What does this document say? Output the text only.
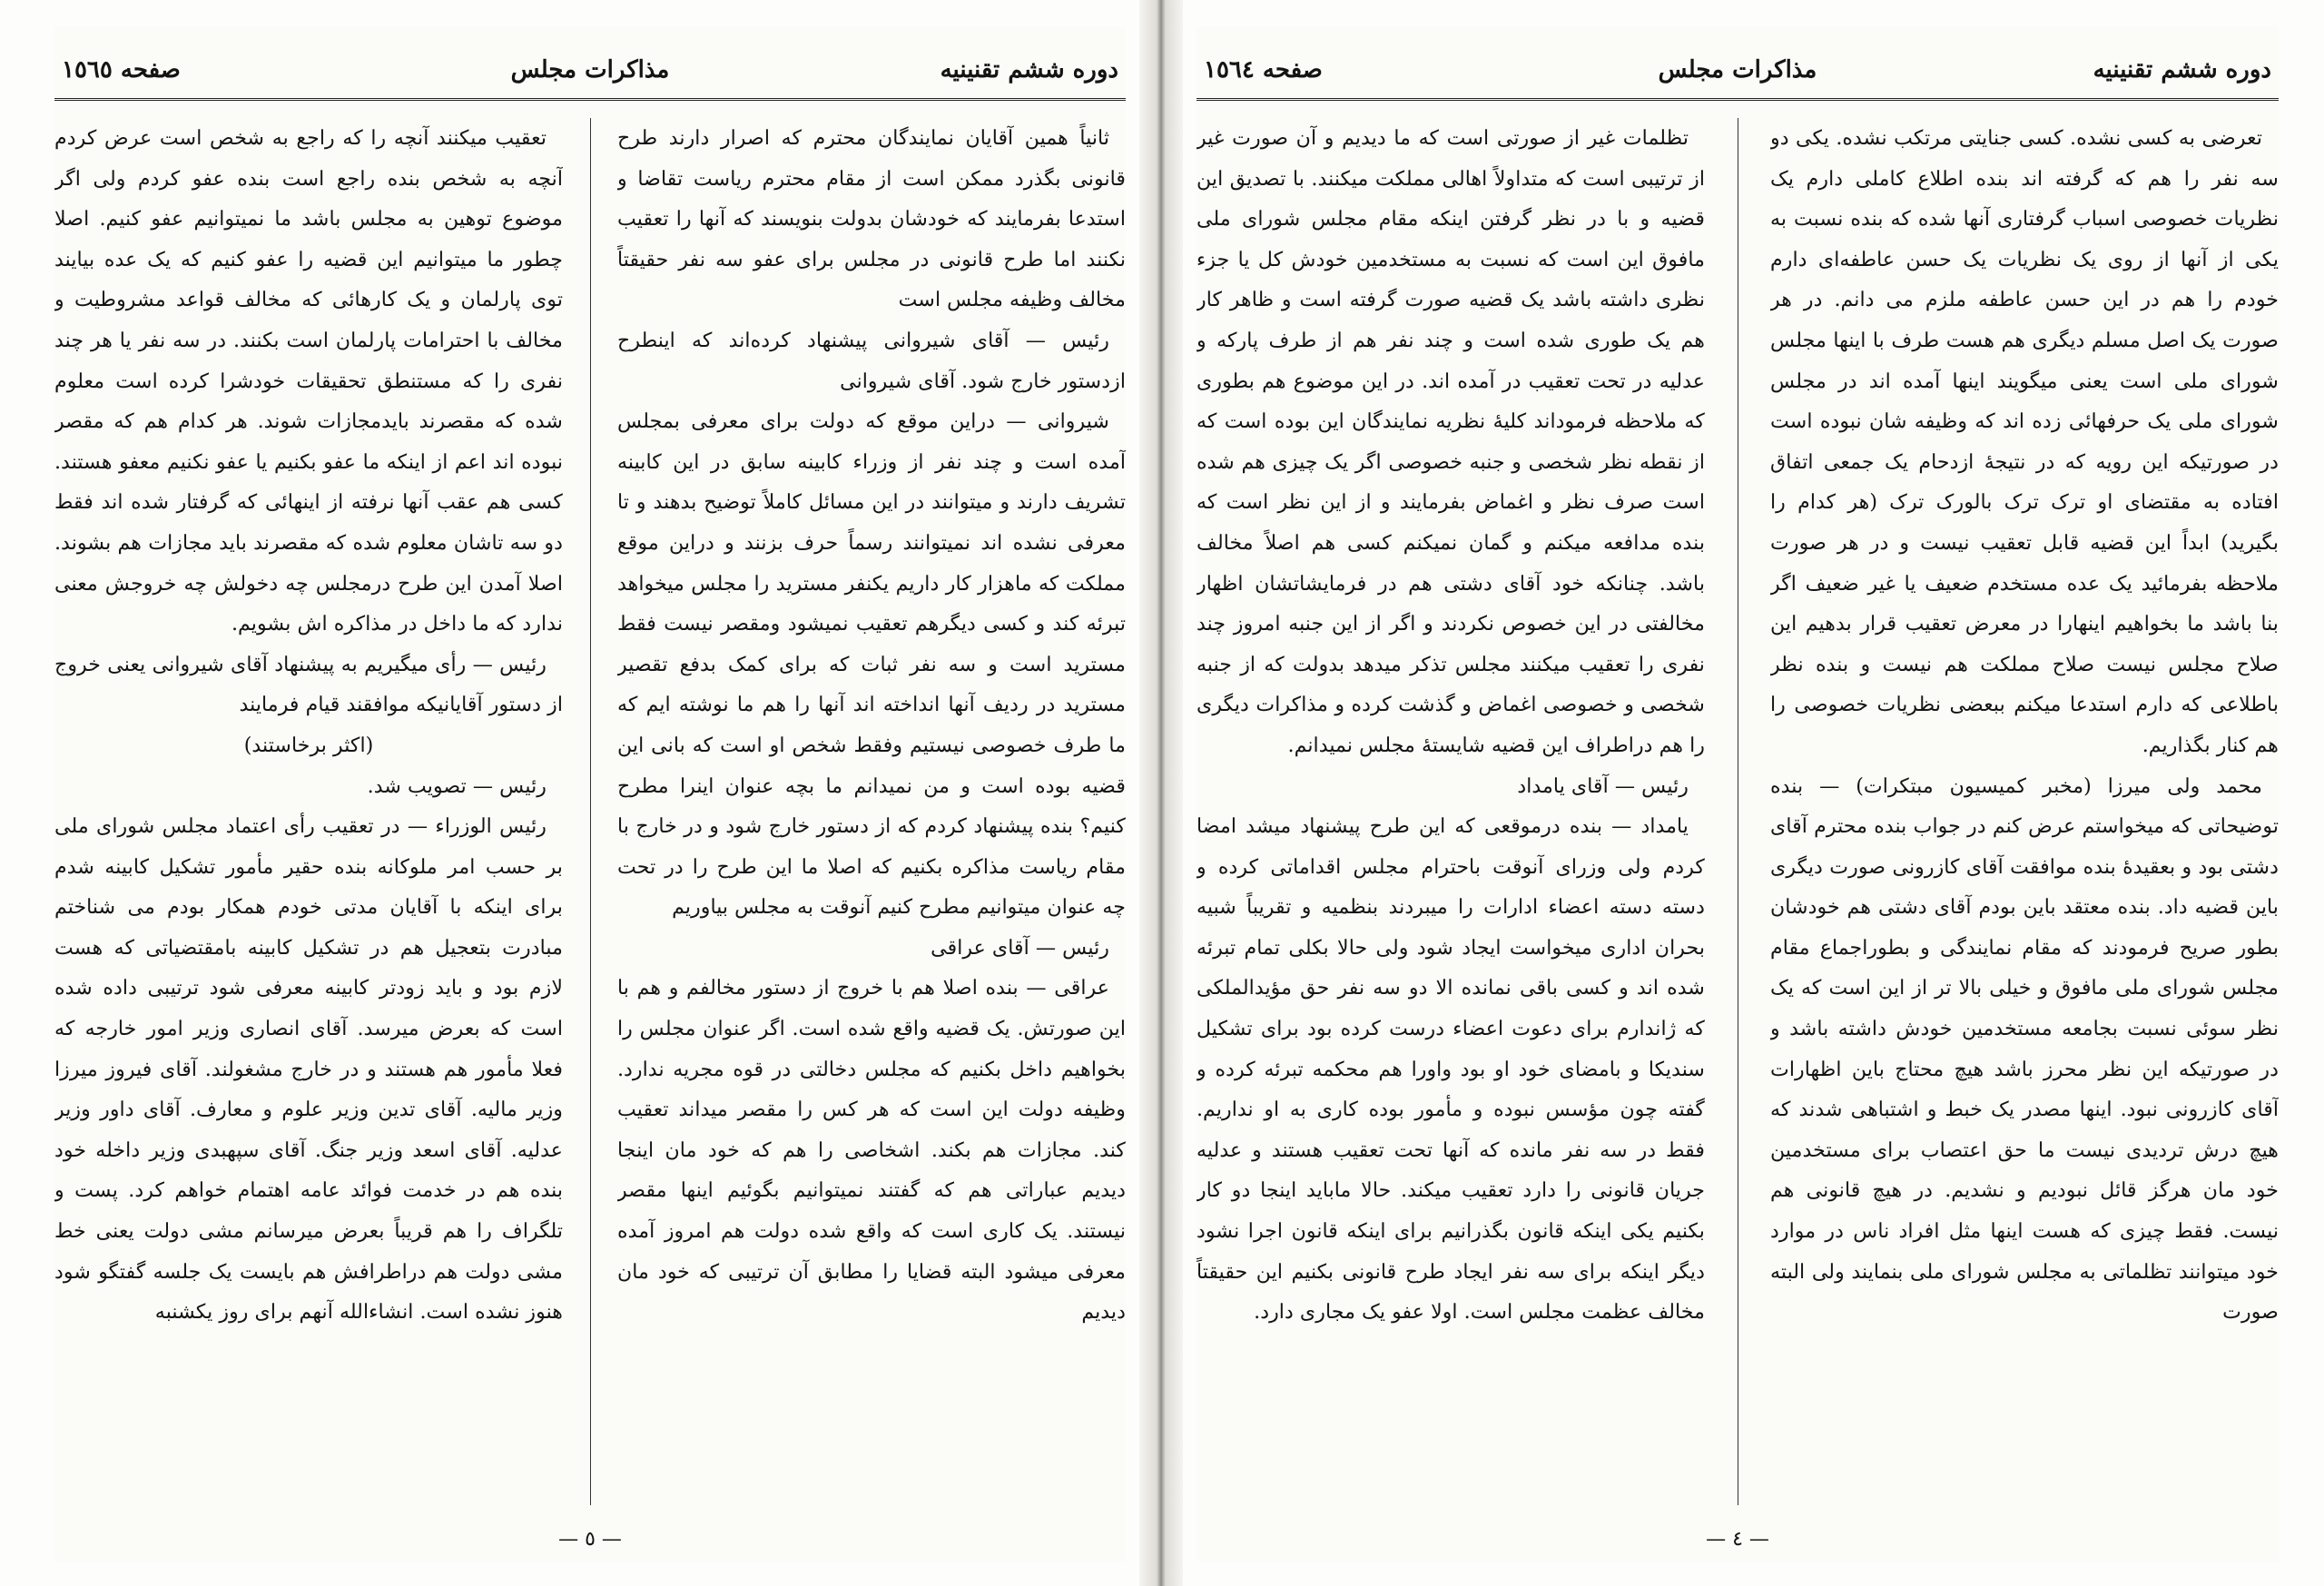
دوره ششم تقنینیه
مذاکرات مجلس
صفحه ١٥٦٥

ثانیاً همین آقایان نمایندگان محترم که اصرار دارند طرح قانونی بگذرد ممکن است از مقام محترم ریاست تقاضا و استدعا بفرمایند که خودشان بدولت بنویسند که آنها را تعقیب نکنند اما طرح قانونی در مجلس برای عفو سه نفر حقیقتاً مخالف وظیفه مجلس است

رئیس — آقای شیروانی پیشنهاد کرده‌اند که اینطرح ازدستور خارج شود. آقای شیروانی

شیروانی — دراین موقع که دولت برای معرفی بمجلس آمده است و چند نفر از وزراء کابینه سابق در این کابینه تشریف دارند و میتوانند در این مسائل کاملاً توضیح بدهند و تا معرفی نشده اند نمیتوانند رسماً حرف بزنند و دراین موقع مملکت که ماهزار کار داریم یکنفر مسترید را مجلس میخواهد تبرئه کند و کسی دیگرهم تعقیب نمیشود ومقصر نیست فقط مسترید است و سه نفر ثبات که برای کمک بدفع تقصیر مسترید در ردیف آنها انداخته اند آنها را هم ما نوشته ایم که ما طرف خصوصی نیستیم وفقط شخص او است که بانی این قضیه بوده است و من نمیدانم ما بچه عنوان اینرا مطرح کنیم؟ بنده پیشنهاد کردم که از دستور خارج شود و در خارج با مقام ریاست مذاکره بکنیم که اصلا ما این طرح را در تحت چه عنوان میتوانیم مطرح کنیم آنوقت به مجلس بیاوریم

رئیس — آقای عراقی

عراقی — بنده اصلا هم با خروج از دستور مخالفم و هم با این صورتش. یک قضیه واقع شده است. اگر عنوان مجلس را بخواهیم داخل بکنیم که مجلس دخالتی در قوه مجریه ندارد. وظیفه دولت این است که هر کس را مقصر میداند تعقیب کند. مجازات هم بکند. اشخاصی را هم که خود مان اینجا دیدیم عباراتی هم که گفتند نمیتوانیم بگوئیم اینها مقصر نیستند. یک کاری است که واقع شده دولت هم امروز آمده معرفی میشود البته قضایا را مطابق آن ترتیبی که خود مان دیدیم

تعقیب میکنند آنچه را که راجع به شخص است عرض کردم آنچه به شخص بنده راجع است بنده عفو کردم ولی اگر موضوع توهین به مجلس باشد ما نمیتوانیم عفو کنیم. اصلا چطور ما میتوانیم این قضیه را عفو کنیم که یک عده بیایند توی پارلمان و یک کارهائی که مخالف قواعد مشروطیت و مخالف با احترامات پارلمان است بکنند. در سه نفر یا هر چند نفری را که مستنطق تحقیقات خودشرا کرده است معلوم شده که مقصرند بایدمجازات شوند. هر کدام هم که مقصر نبوده اند اعم از اینکه ما عفو بکنیم یا عفو نکنیم معفو هستند. کسی هم عقب آنها نرفته از اینهائی که گرفتار شده اند فقط دو سه تاشان معلوم شده که مقصرند باید مجازات هم بشوند. اصلا آمدن این طرح درمجلس چه دخولش چه خروجش معنی ندارد که ما داخل در مذاکره اش بشویم.

رئیس — رأی میگیریم به پیشنهاد آقای شیروانی یعنی خروج از دستور آقایانیکه موافقند قیام فرمایند

(اکثر برخاستند)

رئیس — تصویب شد.

رئیس الوزراء — در تعقیب رأی اعتماد مجلس شورای ملی بر حسب امر ملوکانه بنده حقیر مأمور تشکیل کابینه شدم برای اینکه با آقایان مدتی خودم همکار بودم می شناختم مبادرت بتعجیل هم در تشکیل کابینه بامقتضیاتی که هست لازم بود و باید زودتر کابینه معرفی شود ترتیبی داده شده است که بعرض میرسد. آقای انصاری وزیر امور خارجه که فعلا مأمور هم هستند و در خارج مشغولند. آقای فیروز میرزا وزیر مالیه. آقای تدین وزیر علوم و معارف. آقای داور وزیر عدلیه. آقای اسعد وزیر جنگ. آقای سپهبدی وزیر داخله خود بنده هم در خدمت فوائد عامه اهتمام خواهم کرد. پست و تلگراف را هم قریباً بعرض میرسانم مشی دولت یعنی خط مشی دولت هم دراطرافش هم بایست یک جلسه گفتگو شود هنوز نشده است. انشاءالله آنهم برای روز یکشنبه

— ٥ —
دوره ششم تقنینیه
مذاکرات مجلس
صفحه ١٥٦٤

تعرضی به کسی نشده. کسی جنایتی مرتکب نشده. یکی دو سه نفر را هم که گرفته اند بنده اطلاع کاملی دارم یک نظریات خصوصی اسباب گرفتاری آنها شده که بنده نسبت به یکی از آنها از روی یک نظریات یک حسن عاطفه‌ای دارم خودم را هم در این حسن عاطفه ملزم می دانم. در هر صورت یک اصل مسلم دیگری هم هست طرف با اینها مجلس شورای ملی است یعنی میگویند اینها آمده اند در مجلس شورای ملی یک حرفهائی زده اند که وظیفه شان نبوده است در صورتیکه این رویه که در نتیجهٔ ازدحام یک جمعی اتفاق افتاده به مقتضای او ترک ترک بالورک ترک (هر کدام را بگیرید) ابداً این قضیه قابل تعقیب نیست و در هر صورت ملاحظه بفرمائید یک عده مستخدم ضعیف یا غیر ضعیف اگر بنا باشد ما بخواهیم اینهارا در معرض تعقیب قرار بدهیم این صلاح مجلس نیست صلاح مملکت هم نیست و بنده نظر باطلاعی که دارم استدعا میکنم ببعضی نظریات خصوصی را هم کنار بگذاریم.

محمد ولی میرزا (مخبر کمیسیون مبتکرات) — بنده توضیحاتی که میخواستم عرض کنم در جواب بنده محترم آقای دشتی بود و بعقیدهٔ بنده موافقت آقای کازرونی صورت دیگری باین قضیه داد. بنده معتقد باین بودم آقای دشتی هم خودشان بطور صریح فرمودند که مقام نمایندگی و بطوراجماع مقام مجلس شورای ملی مافوق و خیلی بالا تر از این است که یک نظر سوئی نسبت بجامعه مستخدمین خودش داشته باشد و در صورتیکه این نظر محرز باشد هیچ محتاج باین اظهارات آقای کازرونی نبود. اینها مصدر یک خبط و اشتباهی شدند که هیچ درش تردیدی نیست ما حق اعتصاب برای مستخدمین خود مان هرگز قائل نبودیم و نشدیم. در هیچ قانونی هم نیست. فقط چیزی که هست اینها مثل افراد ناس در موارد خود میتوانند تظلماتی به مجلس شورای ملی بنمایند ولی البته صورت

تظلمات غیر از صورتی است که ما دیدیم و آن صورت غیر از ترتیبی است که متداولاً اهالی مملکت میکنند. با تصدیق این قضیه و با در نظر گرفتن اینکه مقام مجلس شورای ملی مافوق این است که نسبت به مستخدمین خودش کل یا جزء نظری داشته باشد یک قضیه صورت گرفته است و ظاهر کار هم یک طوری شده است و چند نفر هم از طرف پارکه و عدلیه در تحت تعقیب در آمده اند. در این موضوع هم بطوری که ملاحظه فرموداند کلیهٔ نظریه نمایندگان این بوده است که از نقطه نظر شخصی و جنبه خصوصی اگر یک چیزی هم شده است صرف نظر و اغماض بفرمایند و از این نظر است که بنده مدافعه میکنم و گمان نمیکنم کسی هم اصلاً مخالف باشد. چنانکه خود آقای دشتی هم در فرمایشاتشان اظهار مخالفتی در این خصوص نکردند و اگر از این جنبه امروز چند نفری را تعقیب میکنند مجلس تذکر میدهد بدولت که از جنبه شخصی و خصوصی اغماض و گذشت کرده و مذاکرات دیگری را هم دراطراف این قضیه شایستهٔ مجلس نمیدانم.

رئیس — آقای یامداد

یامداد — بنده درموقعی که این طرح پیشنهاد میشد امضا کردم ولی وزرای آنوقت باحترام مجلس اقداماتی کرده و دسته دسته اعضاء ادارات را میبردند بنظمیه و تقریباً شبیه بحران اداری میخواست ایجاد شود ولی حالا بکلی تمام تبرئه شده اند و کسی باقی نمانده الا دو سه نفر حق مؤیدالملکی که ژاندارم برای دعوت اعضاء درست کرده بود برای تشکیل سندیکا و بامضای خود او بود واورا هم محکمه تبرئه کرده و گفته چون مؤسس نبوده و مأمور بوده کاری به او نداریم. فقط در سه نفر مانده که آنها تحت تعقیب هستند و عدلیه جریان قانونی را دارد تعقیب میکند. حالا ماباید اینجا دو کار بکنیم یکی اینکه قانون بگذرانیم برای اینکه قانون اجرا نشود دیگر اینکه برای سه نفر ایجاد طرح قانونی بکنیم این حقیقتاً مخالف عظمت مجلس است. اولا عفو یک مجاری دارد.

— ٤ —
